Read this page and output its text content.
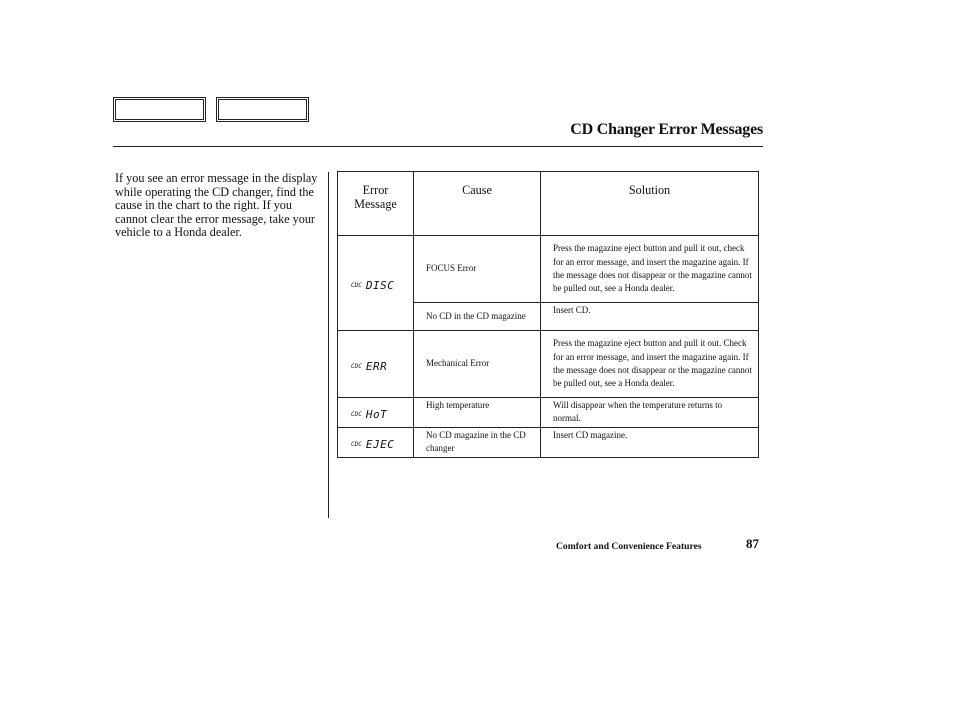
CD Changer Error Messages
If you see an error message in the display while operating the CD changer, find the cause in the chart to the right. If you cannot clear the error message, take your vehicle to a Honda dealer.
Error
Message	Cause	Solution

CDC DISC	FOCUS Error	Press the magazine eject button and pull it out, check for an error message, and insert the magazine again. If the message does not disappear or the magazine cannot be pulled out, see a Honda dealer.
	No CD in the CD magazine	Insert CD.

CDC ERR	Mechanical Error	Press the magazine eject button and pull it out. Check for an error message, and insert the magazine again. If the message does not disappear or the magazine cannot be pulled out, see a Honda dealer.

CDC HoT	High temperature	Will disappear when the temperature returns to normal.

CDC EJEC	No CD magazine in the CD changer	Insert CD magazine.
Comfort and Convenience Features	87
